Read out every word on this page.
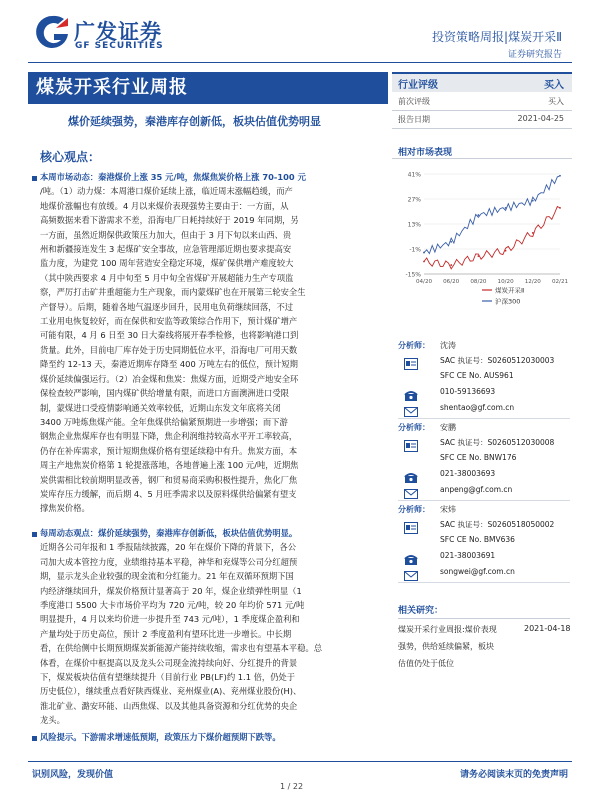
广发证券
GF SECURITIES
投资策略周报|煤炭开采Ⅱ
证券研究报告
煤炭开采行业周报
煤价延续强势，秦港库存创新低，板块估值优势明显
行业评级	买入
前次评级	买入
报告日期	2021-04-25
核心观点：
本周市场动态：秦港煤价上涨 35 元/吨，焦煤焦炭价格上涨 70-100 元
/吨。（1）动力煤：本周港口煤价延续上涨，临近周末涨幅趋缓，而产
地煤价涨幅也有放缓。4 月以来煤价表现强势主要由于：一方面，从
高频数据来看下游需求不差，沿海电厂日耗持续好于 2019 年同期，另
一方面，虽然近期保供政策压力加大，但由于 3 月下旬以来山西、贵
州和新疆接连发生 3 起煤矿安全事故，应急管理部近期也要求提高安
监力度，为建党 100 周年营造安全稳定环境，煤矿保供增产难度较大
（其中陕西要求 4 月中旬至 5 月中旬全省煤矿开展超能力生产专项监
察，严厉打击矿井重超能力生产现象，而内蒙煤矿也在开展第三轮安全生
产督导）。后期，随着各地气温逐步回升，民用电负荷继续回落，不过
工业用电恢复较好，而在保供和安监等政策综合作用下，预计煤矿增产
可能有限，4 月 6 日至 30 日大秦线将展开春季检修，也将影响港口到
货量。此外，目前电厂库存处于历史同期低位水平，沿海电厂可用天数
降至约 12-13 天，秦港近期库存降至 400 万吨左右的低位，预计短期
煤价延续偏强运行。（2）冶金煤和焦炭：焦煤方面，近期受产地安全环
保检查较严影响，国内煤矿供给增量有限，而进口方面澳洲进口受限
制，蒙煤进口受疫情影响通关效率较低，近期山东发文年底将关闭
3400 万吨炼焦煤产能。全年焦煤供给偏紧预期进一步增强；而下游
钢焦企业焦煤库存也有明显下降，焦企利润维持较高水平开工率较高，
仍存在补库需求，预计短期焦煤价格有望延续稳中有升。焦炭方面，本
周主产地焦炭价格第 1 轮提涨落地，各地普遍上涨 100 元/吨，近期焦
炭供需相比较前期明显改善，钢厂和贸易商采购积极性提升，焦化厂焦
炭库存压力缓解，而后期 4、5 月旺季需求以及原料煤供给偏紧有望支
撑焦炭价格。
每周动态观点：煤价延续强势，秦港库存创新低，板块估值优势明显。
近期各公司年报和 1 季报陆续披露，20 年在煤价下降的背景下，各公
司加大成本管控力度，业绩维持基本平稳，神华和兖煤等公司分红超预
期，显示龙头企业较强的现金流和分红能力。21 年在双循环预期下国
内经济继续回升，煤炭价格预计显著高于 20 年，煤企业绩弹性明显（1
季度港口 5500 大卡市场价平均为 720 元/吨，较 20 年均价 571 元/吨
明显提升，4 月以来均价进一步提升至 743 元/吨），1 季度煤企盈利和
产量均处于历史高位，预计 2 季度盈利有望环比进一步增长。中长期
看，在供给侧中长期预期煤炭新能源产能持续收缩，需求也有望基本平稳。总
体看，在煤价中枢提高以及龙头公司现金流持续向好、分红提升的背景
下，煤炭板块估值有望继续提升（目前行业 PB(LF)约 1.1 倍，仍处于
历史低位），继续重点看好陕西煤业、兖州煤业(A)、兖州煤业股份(H)、
淮北矿业、潞安环能、山西焦煤、以及其他具备资源和分红优势的央企
龙头。
风险提示。下游需求增速低预期，政策压力下煤价超预期下跌等。
相对市场表现
41%
27%
13%
-1%
-15%
04/20 06/20 08/20 10/20 12/20 02/21
煤炭开采Ⅱ
沪深300
分析师： 沈涛
SAC 执证号：S0260512030003
SFC CE No. AUS961
010-59136693
shentao@gf.com.cn
分析师： 安鹏
SAC 执证号：S0260512030008
SFC CE No. BNW176
021-38003693
anpeng@gf.com.cn
分析师： 宋炜
SAC 执证号：S0260518050002
SFC CE No. BMV636
021-38003691
songwei@gf.com.cn
相关研究：
煤炭开采行业周报:煤价表现	2021-04-18
强势，供给延续偏紧，板块
估值仍处于低位
识别风险，发现价值	请务必阅读末页的免责声明
1 / 22
